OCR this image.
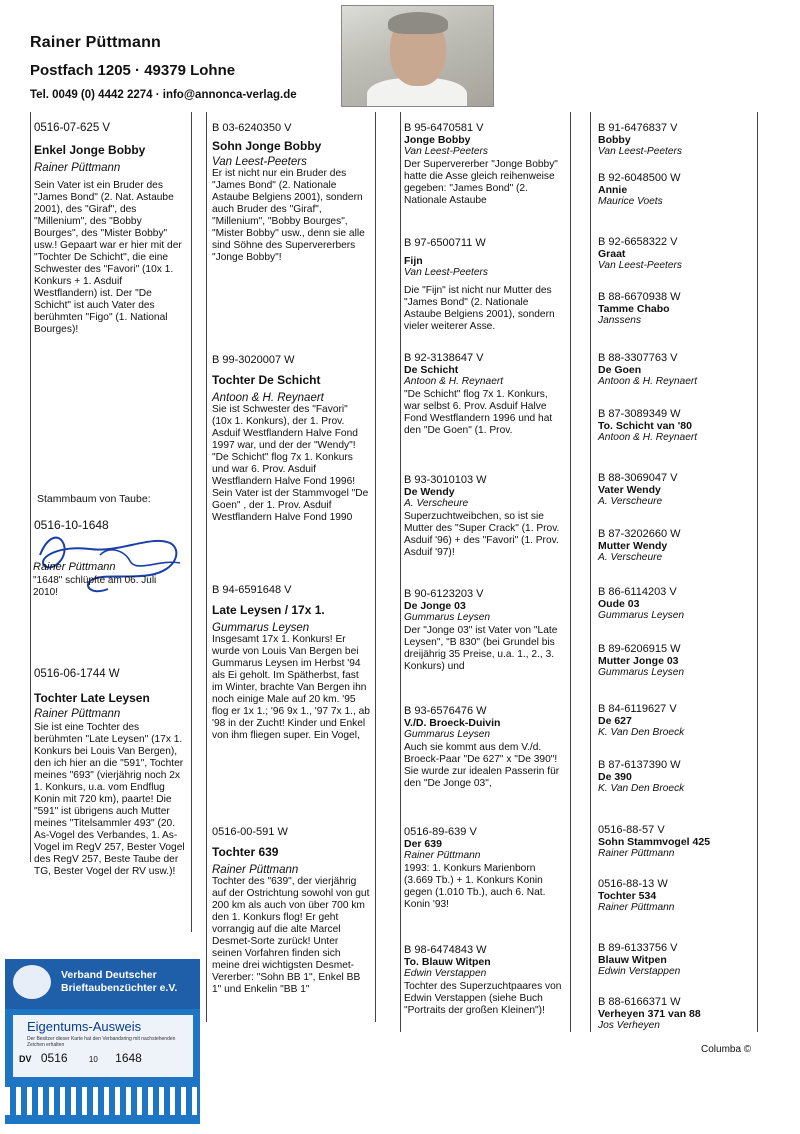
Rainer Püttmann
Postfach 1205 · 49379 Lohne
Tel. 0049 (0) 4442 2274 · info@annonca-verlag.de
0516-07-625 V
Enkel Jonge Bobby
Rainer Püttmann
Sein Vater ist ein Bruder des "James Bond" (2. Nat. Astaube 2001), des "Giraf", des "Millenium", des "Bobby Bourges", des "Mister Bobby" usw.! Gepaart war er hier mit der "Tochter De Schicht", die eine Schwester des "Favori" (10x 1. Konkurs + 1. Asduif Westflandern) ist. Der "De Schicht" ist auch Vater des berühmten "Figo" (1. National Bourges)!
Stammbaum von Taube:
0516-10-1648
Rainer Püttmann
"1648" schlüpfte am 06. Juli 2010!
0516-06-1744 W
Tochter Late Leysen
Rainer Püttmann
Sie ist eine Tochter des berühmten "Late Leysen" (17x 1. Konkurs bei Louis Van Bergen), den ich hier an die "591", Tochter meines "693" (vierjährig noch 2x 1. Konkurs, u.a. vom Endflug Konin mit 720 km), paarte! Die "591" ist übrigens auch Mutter meines "Titelsammler 493" (20. As-Vogel des Verbandes, 1. As-Vogel im RegV 257, Bester Vogel des RegV 257, Beste Taube der TG, Bester Vogel der RV usw.)!
B 03-6240350 V
Sohn Jonge Bobby
Van Leest-Peeters
Er ist nicht nur ein Bruder des "James Bond" (2. Nationale Astaube Belgiens 2001), sondern auch Bruder des "Giraf", "Millenium", "Bobby Bourges", "Mister Bobby" usw., denn sie alle sind Söhne des Supervererbers "Jonge Bobby"!
B 99-3020007 W
Tochter De Schicht
Antoon & H. Reynaert
Sie ist Schwester des "Favori" (10x 1. Konkurs), der 1. Prov. Asduif Westflandern Halve Fond 1997 war, und der der "Wendy"! "De Schicht" flog 7x 1. Konkurs und war 6. Prov. Asduif Westflandern Halve Fond 1996! Sein Vater ist der Stammvogel "De Goen" , der 1. Prov. Asduif Westflandern Halve Fond 1990
B 94-6591648 V
Late Leysen / 17x 1.
Gummarus Leysen
Insgesamt 17x 1. Konkurs! Er wurde von Louis Van Bergen bei Gummarus Leysen im Herbst '94 als Ei geholt. Im Spätherbst, fast im Winter, brachte Van Bergen ihn noch einige Male auf 20 km. '95 flog er 1x 1.; '96 9x 1., '97 7x 1., ab '98 in der Zucht! Kinder und Enkel von ihm fliegen super. Ein Vogel,
0516-00-591 W
Tochter 639
Rainer Püttmann
Tochter des "639", der vierjährig auf der Ostrichtung sowohl von gut 200 km als auch von über 700 km den 1. Konkurs flog! Er geht vorrangig auf die alte Marcel Desmet-Sorte zurück! Unter seinen Vorfahren finden sich meine drei wichtigsten Desmet-Vererber: "Sohn BB 1", Enkel BB 1" und Enkelin "BB 1"
B 95-6470581 V
Jonge Bobby
Van Leest-Peeters
Der Supervererber "Jonge Bobby" hatte die Asse gleich reihenweise gegeben: "James Bond" (2. Nationale Astaube
B 97-6500711 W
Fijn
Van Leest-Peeters
Die "Fijn" ist nicht nur Mutter des "James Bond" (2. Nationale Astaube Belgiens 2001), sondern vieler weiterer Asse.
B 92-3138647 V
De Schicht
Antoon & H. Reynaert
"De Schicht" flog 7x 1. Konkurs, war selbst 6. Prov. Asduif Halve Fond Westflandern 1996 und hat den "De Goen" (1. Prov.
B 93-3010103 W
De Wendy
A. Verscheure
Superzuchtweibchen, so ist sie Mutter des "Super Crack" (1. Prov. Asduif '96) + des "Favori" (1. Prov. Asduif '97)!
B 90-6123203 V
De Jonge 03
Gummarus Leysen
Der "Jonge 03" ist Vater von "Late Leysen", "B 830" (bei Grundel bis dreijährig 35 Preise, u.a. 1., 2., 3. Konkurs) und
B 93-6576476 W
V./D. Broeck-Duivin
Gummarus Leysen
Auch sie kommt aus dem V./d. Broeck-Paar "De 627" x "De 390"! Sie wurde zur idealen Passerin für den "De Jonge 03",
0516-89-639 V
Der 639
Rainer Püttmann
1993: 1. Konkurs Marienborn (3.669 Tb.) + 1. Konkurs Konin gegen (1.010 Tb.), auch 6. Nat. Konin '93!
B 98-6474843 W
To. Blauw Witpen
Edwin Verstappen
Tochter des Superzuchtpaares von Edwin Verstappen (siehe Buch "Portraits der großen Kleinen")!
B 91-6476837 V
Bobby
Van Leest-Peeters
B 92-6048500 W
Annie
Maurice Voets
B 92-6658322 V
Graat
Van Leest-Peeters
B 88-6670938 W
Tamme Chabo
Janssens
B 88-3307763 V
De Goen
Antoon & H. Reynaert
B 87-3089349 W
To. Schicht van '80
Antoon & H. Reynaert
B 88-3069047 V
Vater Wendy
A. Verscheure
B 87-3202660 W
Mutter Wendy
A. Verscheure
B 86-6114203 V
Oude 03
Gummarus Leysen
B 89-6206915 W
Mutter Jonge 03
Gummarus Leysen
B 84-6119627 V
De 627
K. Van Den Broeck
B 87-6137390 W
De 390
K. Van Den Broeck
0516-88-57 V
Sohn Stammvogel 425
Rainer Püttmann
0516-88-13 W
Tochter 534
Rainer Püttmann
B 89-6133756 V
Blauw Witpen
Edwin Verstappen
B 88-6166371 W
Verheyen 371 van 88
Jos Verheyen
Verband Deutscher Brieftaubenzüchter e.V.
Eigentums-Ausweis
Der Besitzer dieser Karte hat den Verbandsring mit nachstehenden Zeichen erhalten
DV 0516	10 1648
Columba ©
